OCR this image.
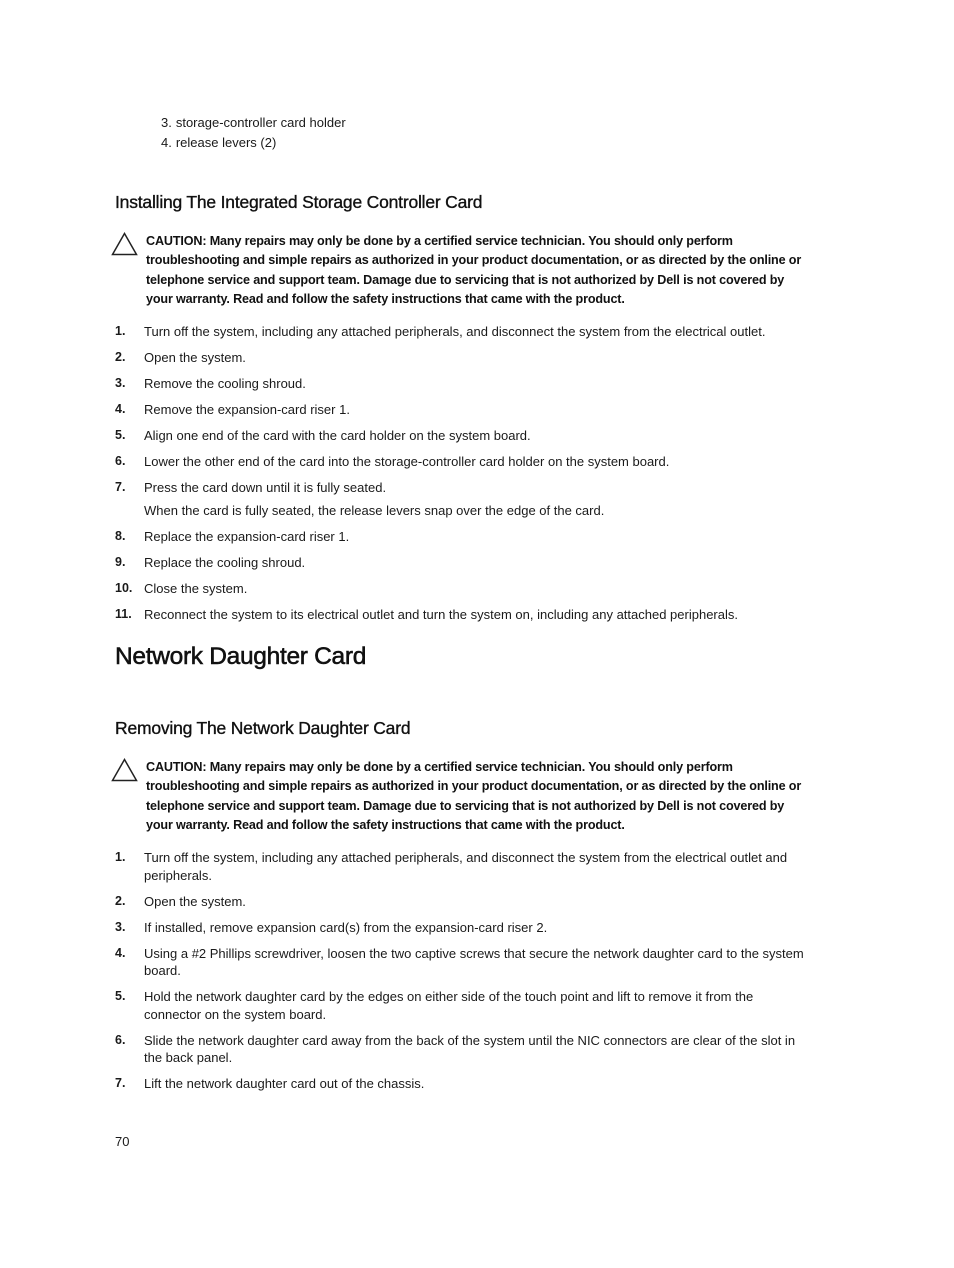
3. storage-controller card holder
4. release levers (2)
Installing The Integrated Storage Controller Card
CAUTION: Many repairs may only be done by a certified service technician. You should only perform troubleshooting and simple repairs as authorized in your product documentation, or as directed by the online or telephone service and support team. Damage due to servicing that is not authorized by Dell is not covered by your warranty. Read and follow the safety instructions that came with the product.
1. Turn off the system, including any attached peripherals, and disconnect the system from the electrical outlet.
2. Open the system.
3. Remove the cooling shroud.
4. Remove the expansion-card riser 1.
5. Align one end of the card with the card holder on the system board.
6. Lower the other end of the card into the storage-controller card holder on the system board.
7. Press the card down until it is fully seated.
When the card is fully seated, the release levers snap over the edge of the card.
8. Replace the expansion-card riser 1.
9. Replace the cooling shroud.
10. Close the system.
11. Reconnect the system to its electrical outlet and turn the system on, including any attached peripherals.
Network Daughter Card
Removing The Network Daughter Card
CAUTION: Many repairs may only be done by a certified service technician. You should only perform troubleshooting and simple repairs as authorized in your product documentation, or as directed by the online or telephone service and support team. Damage due to servicing that is not authorized by Dell is not covered by your warranty. Read and follow the safety instructions that came with the product.
1. Turn off the system, including any attached peripherals, and disconnect the system from the electrical outlet and peripherals.
2. Open the system.
3. If installed, remove expansion card(s) from the expansion-card riser 2.
4. Using a #2 Phillips screwdriver, loosen the two captive screws that secure the network daughter card to the system board.
5. Hold the network daughter card by the edges on either side of the touch point and lift to remove it from the connector on the system board.
6. Slide the network daughter card away from the back of the system until the NIC connectors are clear of the slot in the back panel.
7. Lift the network daughter card out of the chassis.
70
